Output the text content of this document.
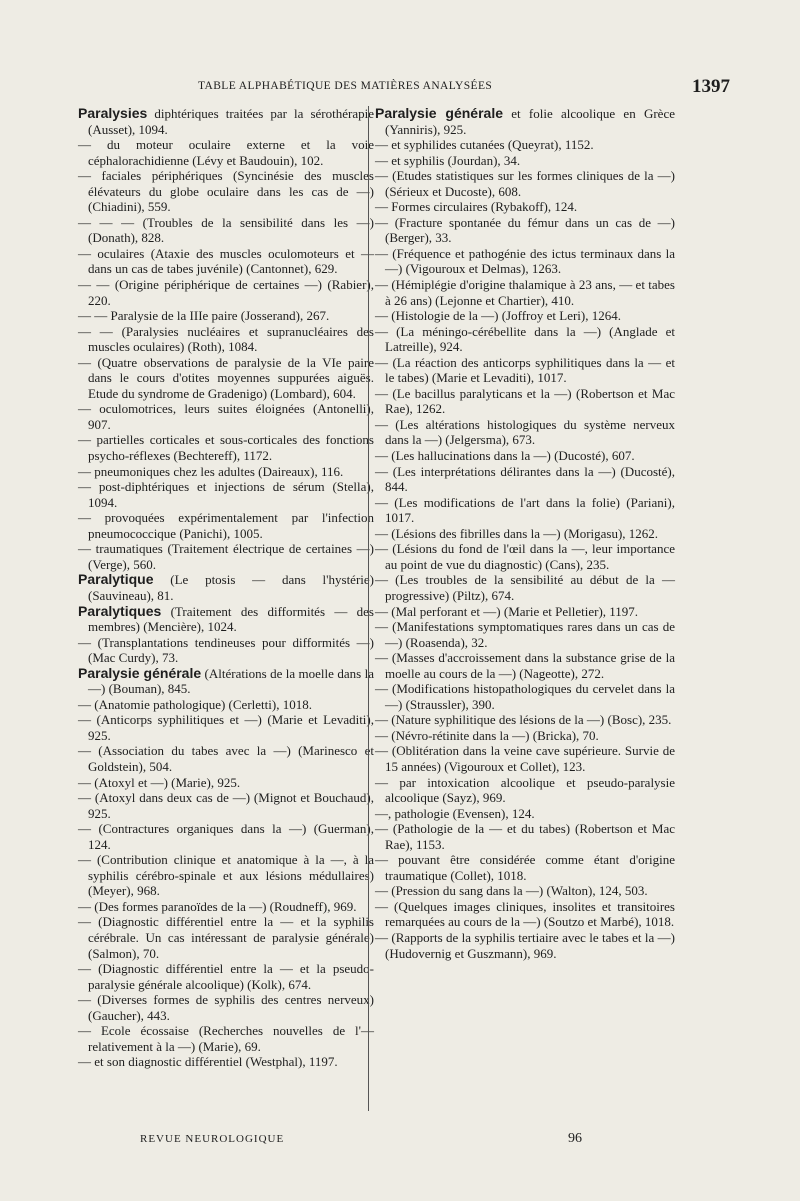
TABLE ALPHABÉTIQUE DES MATIÈRES ANALYSÉES	1397

Paralysies diphtériques traitées par la sérothérapie (Ausset), 1094.

— du moteur oculaire externe et la voie céphalorachidienne (Lévy et Baudouin), 102.

— faciales périphériques (Syncinésie des muscles élévateurs du globe oculaire dans les cas de —) (Chiadini), 559.

— — — (Troubles de la sensibilité dans les —) (Donath), 828.

— oculaires (Ataxie des muscles oculomoteurs et — dans un cas de tabes juvénile) (Cantonnet), 629.

— — (Origine périphérique de certaines —) (Rabier), 220.

— — Paralysie de la IIIe paire (Josserand), 267.

— — (Paralysies nucléaires et supranucléaires des muscles oculaires) (Roth), 1084.

— (Quatre observations de paralysie de la VIe paire dans le cours d'otites moyennes suppurées aiguës. Etude du syndrome de Gradenigo) (Lombard), 604.

— oculomotrices, leurs suites éloignées (Antonelli), 907.

— partielles corticales et sous-corticales des fonctions psycho-réflexes (Bechtereff), 1172.

— pneumoniques chez les adultes (Daireaux), 116.

— post-diphtériques et injections de sérum (Stella), 1094.

— provoquées expérimentalement par l'infection pneumococcique (Panichi), 1005.

— traumatiques (Traitement électrique de certaines —) (Verge), 560.

Paralytique (Le ptosis — dans l'hystérie) (Sauvineau), 81.

Paralytiques (Traitement des difformités — des membres) (Mencière), 1024.

— (Transplantations tendineuses pour difformités —) (Mac Curdy), 73.

Paralysie générale (Altérations de la moelle dans la —) (Bouman), 845.

— (Anatomie pathologique) (Cerletti), 1018.

— (Anticorps syphilitiques et —) (Marie et Levaditi), 925.

— (Association du tabes avec la —) (Marinesco et Goldstein), 504.

— (Atoxyl et —) (Marie), 925.

— (Atoxyl dans deux cas de —) (Mignot et Bouchaud), 925.

— (Contractures organiques dans la —) (Guerman), 124.

— (Contribution clinique et anatomique à la —, à la syphilis cérébro-spinale et aux lésions médullaires) (Meyer), 968.

— (Des formes paranoïdes de la —) (Roudneff), 969.

— (Diagnostic différentiel entre la — et la syphilis cérébrale. Un cas intéressant de paralysie générale) (Salmon), 70.

— (Diagnostic différentiel entre la — et la pseudo-paralysie générale alcoolique) (Kolk), 674.

— (Diverses formes de syphilis des centres nerveux) (Gaucher), 443.

— Ecole écossaise (Recherches nouvelles de l'— relativement à la —) (Marie), 69.

— et son diagnostic différentiel (Westphal), 1197.

Paralysie générale et folie alcoolique en Grèce (Yanniris), 925.

— et syphilides cutanées (Queyrat), 1152.

— et syphilis (Jourdan), 34.

— (Etudes statistiques sur les formes cliniques de la —) (Sérieux et Ducoste), 608.

— Formes circulaires (Rybakoff), 124.

— (Fracture spontanée du fémur dans un cas de —) (Berger), 33.

— (Fréquence et pathogénie des ictus terminaux dans la —) (Vigouroux et Delmas), 1263.

— (Hémiplégie d'origine thalamique à 23 ans, — et tabes à 26 ans) (Lejonne et Chartier), 410.

— (Histologie de la —) (Joffroy et Leri), 1264.

— (La méningo-cérébellite dans la —) (Anglade et Latreille), 924.

— (La réaction des anticorps syphilitiques dans la — et le tabes) (Marie et Levaditi), 1017.

— (Le bacillus paralyticans et la —) (Robertson et Mac Rae), 1262.

— (Les altérations histologiques du système nerveux dans la —) (Jelgersma), 673.

— (Les hallucinations dans la —) (Ducosté), 607.

— (Les interprétations délirantes dans la —) (Ducosté), 844.

— (Les modifications de l'art dans la folie) (Pariani), 1017.

— (Lésions des fibrilles dans la —) (Morigasu), 1262.

— (Lésions du fond de l'œil dans la —, leur importance au point de vue du diagnostic) (Cans), 235.

— (Les troubles de la sensibilité au début de la — progressive) (Piltz), 674.

— (Mal perforant et —) (Marie et Pelletier), 1197.

— (Manifestations symptomatiques rares dans un cas de —) (Roasenda), 32.

— (Masses d'accroissement dans la substance grise de la moelle au cours de la —) (Nageotte), 272.

— (Modifications histopathologiques du cervelet dans la —) (Straussler), 390.

— (Nature syphilitique des lésions de la —) (Bosc), 235.

— (Névro-rétinite dans la —) (Bricka), 70.

— (Oblitération dans la veine cave supérieure. Survie de 15 années) (Vigouroux et Collet), 123.

— par intoxication alcoolique et pseudo-paralysie alcoolique (Sayz), 969.

—, pathologie (Evensen), 124.

— (Pathologie de la — et du tabes) (Robertson et Mac Rae), 1153.

— pouvant être considérée comme étant d'origine traumatique (Collet), 1018.

— (Pression du sang dans la —) (Walton), 124, 503.

— (Quelques images cliniques, insolites et transitoires remarquées au cours de la —) (Soutzo et Marbé), 1018.

— (Rapports de la syphilis tertiaire avec le tabes et la —) (Hudovernig et Guszmann), 969.

REVUE NEUROLOGIQUE	96
